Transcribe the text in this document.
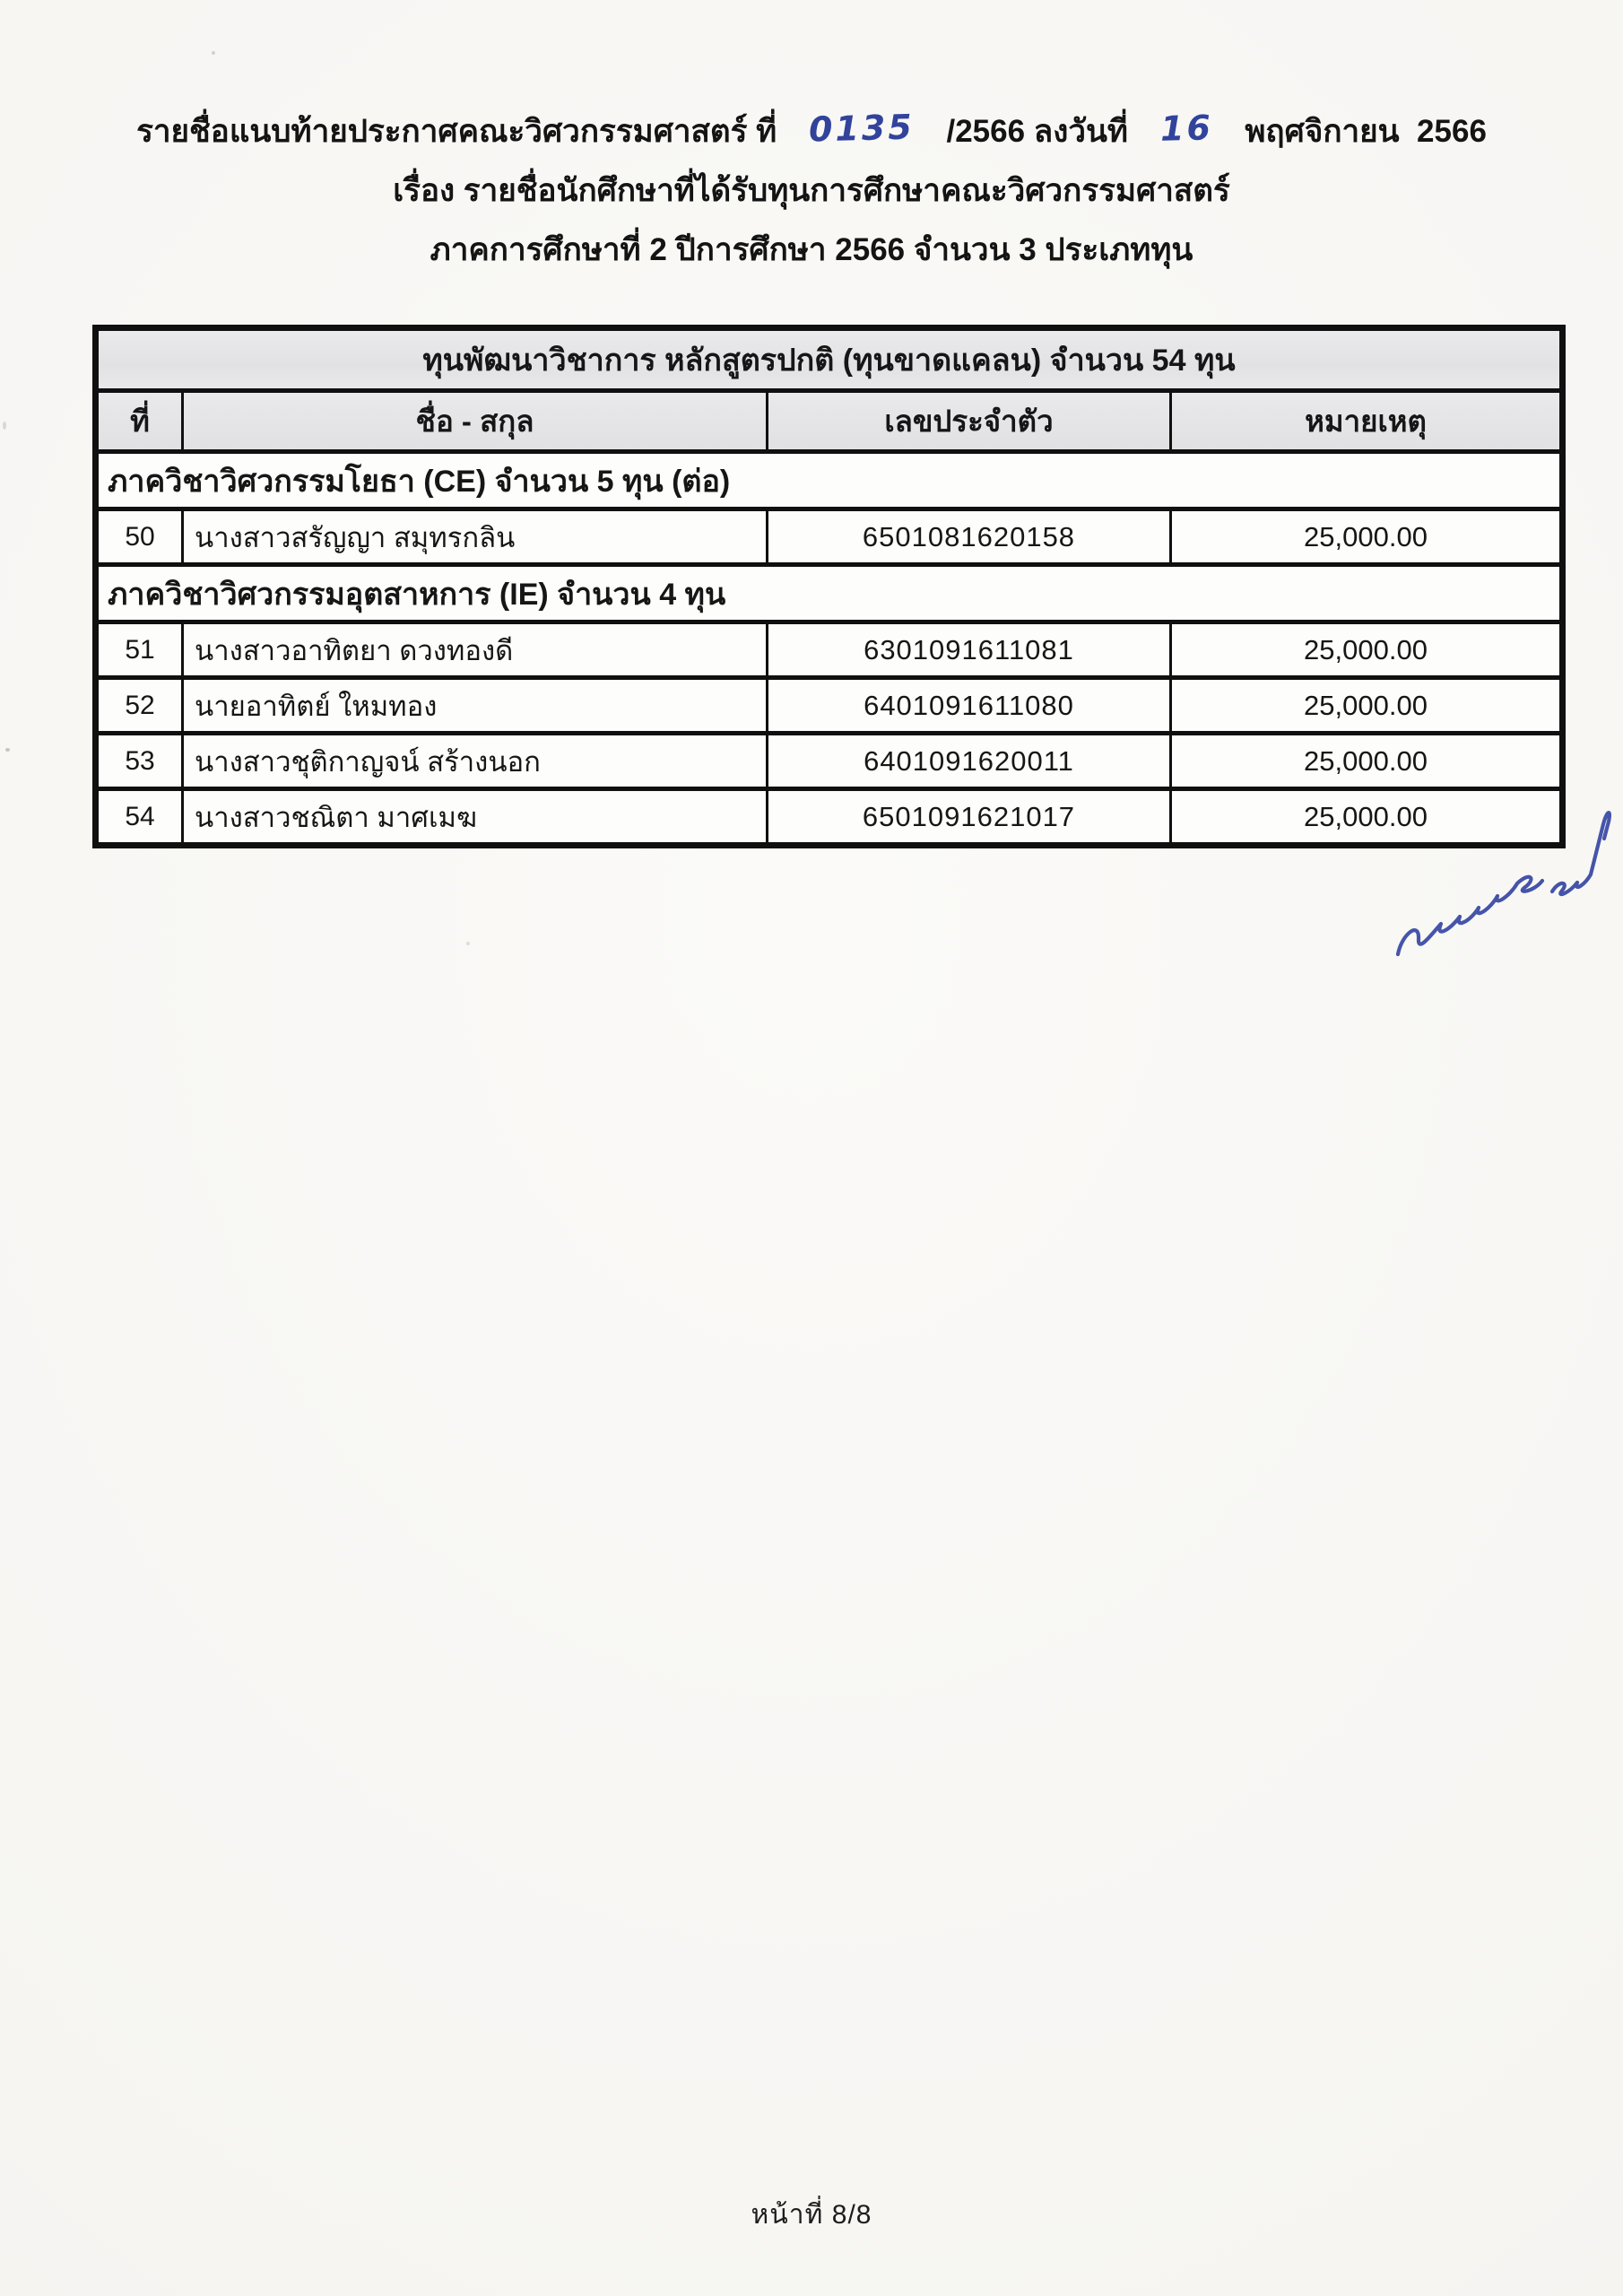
รายชื่อแนบท้ายประกาศคณะวิศวกรรมศาสตร์ ที่ 0135 /2566 ลงวันที่ 16 พฤศจิกายน  2566
เรื่อง รายชื่อนักศึกษาที่ได้รับทุนการศึกษาคณะวิศวกรรมศาสตร์
ภาคการศึกษาที่ 2 ปีการศึกษา 2566 จำนวน 3 ประเภททุน
ทุนพัฒนาวิชาการ หลักสูตรปกติ (ทุนขาดแคลน) จำนวน 54 ทุน
ที่	ชื่อ - สกุล	เลขประจำตัว	หมายเหตุ
ภาควิชาวิศวกรรมโยธา (CE) จำนวน 5 ทุน (ต่อ)
50	นางสาวสรัญญา สมุทรกลิน	6501081620158	25,000.00
ภาควิชาวิศวกรรมอุตสาหการ (IE) จำนวน 4 ทุน
51	นางสาวอาทิตยา ดวงทองดี	6301091611081	25,000.00
52	นายอาทิตย์ ใหมทอง	6401091611080	25,000.00
53	นางสาวชุติกาญจน์ สร้างนอก	6401091620011	25,000.00
54	นางสาวชณิตา มาศเมฆ	6501091621017	25,000.00
หน้าที่ 8/8
